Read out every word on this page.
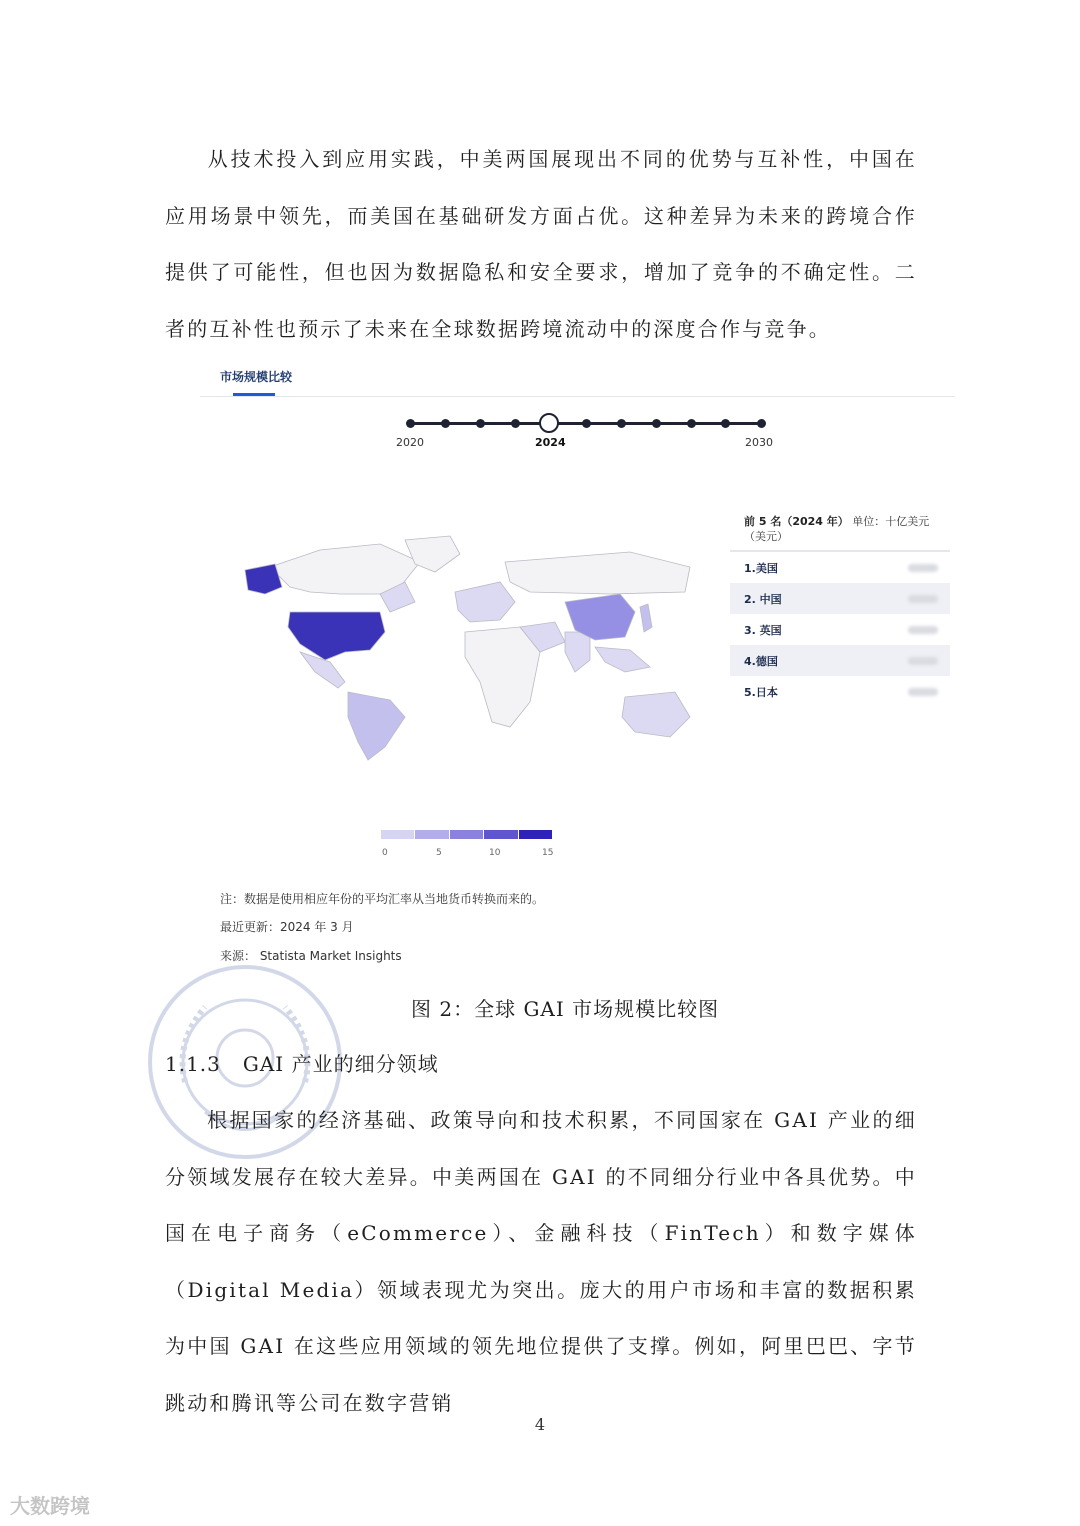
从技术投入到应用实践，中美两国展现出不同的优势与互补性，中国在应用场景中领先，而美国在基础研发方面占优。这种差异为未来的跨境合作提供了可能性，但也因为数据隐私和安全要求，增加了竞争的不确定性。二者的互补性也预示了未来在全球数据跨境流动中的深度合作与竞争。

市场规模比较
2020	2024	2030
前 5 名（2024 年） 单位：十亿美元（美元）
1.美国
2. 中国
3. 英国
4.德国
5.日本
0	5	10	15
注：数据是使用相应年份的平均汇率从当地货币转换而来的。
最近更新：2024 年 3 月
来源： Statista Market Insights
图 2：全球 GAI 市场规模比较图
1.1.3 GAI 产业的细分领域

根据国家的经济基础、政策导向和技术积累，不同国家在 GAI 产业的细分领域发展存在较大差异。中美两国在 GAI 的不同细分行业中各具优势。中国在电子商务（eCommerce）、金融科技（FinTech）和数字媒体（Digital Media）领域表现尤为突出。庞大的用户市场和丰富的数据积累为中国 GAI 在这些应用领域的领先地位提供了支撑。例如，阿里巴巴、字节跳动和腾讯等公司在数字营销

4
大数跨境
